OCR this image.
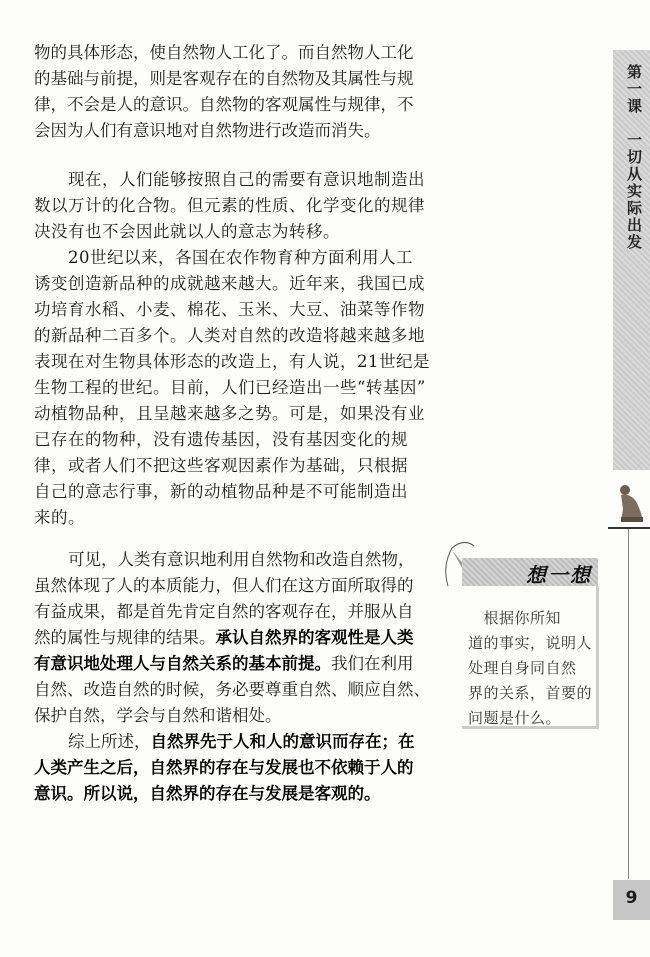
物的具体形态，使自然物人工化了。而自然物人工化
的基础与前提，则是客观存在的自然物及其属性与规
律，不会是人的意识。自然物的客观属性与规律，不
会因为人们有意识地对自然物进行改造而消失。
现在，人们能够按照自己的需要有意识地制造出
数以万计的化合物。但元素的性质、化学变化的规律
决没有也不会因此就以人的意志为转移。
20世纪以来，各国在农作物育种方面利用人工
诱变创造新品种的成就越来越大。近年来，我国已成
功培育水稻、小麦、棉花、玉米、大豆、油菜等作物
的新品种二百多个。人类对自然的改造将越来越多地
表现在对生物具体形态的改造上，有人说，21世纪是
生物工程的世纪。目前，人们已经造出一些“转基因”
动植物品种，且呈越来越多之势。可是，如果没有业
已存在的物种，没有遗传基因，没有基因变化的规
律，或者人们不把这些客观因素作为基础，只根据
自己的意志行事，新的动植物品种是不可能制造出
来的。
可见，人类有意识地利用自然物和改造自然物，
虽然体现了人的本质能力，但人们在这方面所取得的
有益成果，都是首先肯定自然的客观存在，并服从自
然的属性与规律的结果。承认自然界的客观性是人类
有意识地处理人与自然关系的基本前提。我们在利用
自然、改造自然的时候，务必要尊重自然、顺应自然、
保护自然，学会与自然和谐相处。
综上所述，自然界先于人和人的意识而存在；在
人类产生之后，自然界的存在与发展也不依赖于人的
意识。所以说，自然界的存在与发展是客观的。
第一课
一切从实际出发
想一想
　根据你所知
道的事实，说明人
处理自身同自然
界的关系，首要的
问题是什么。
9
